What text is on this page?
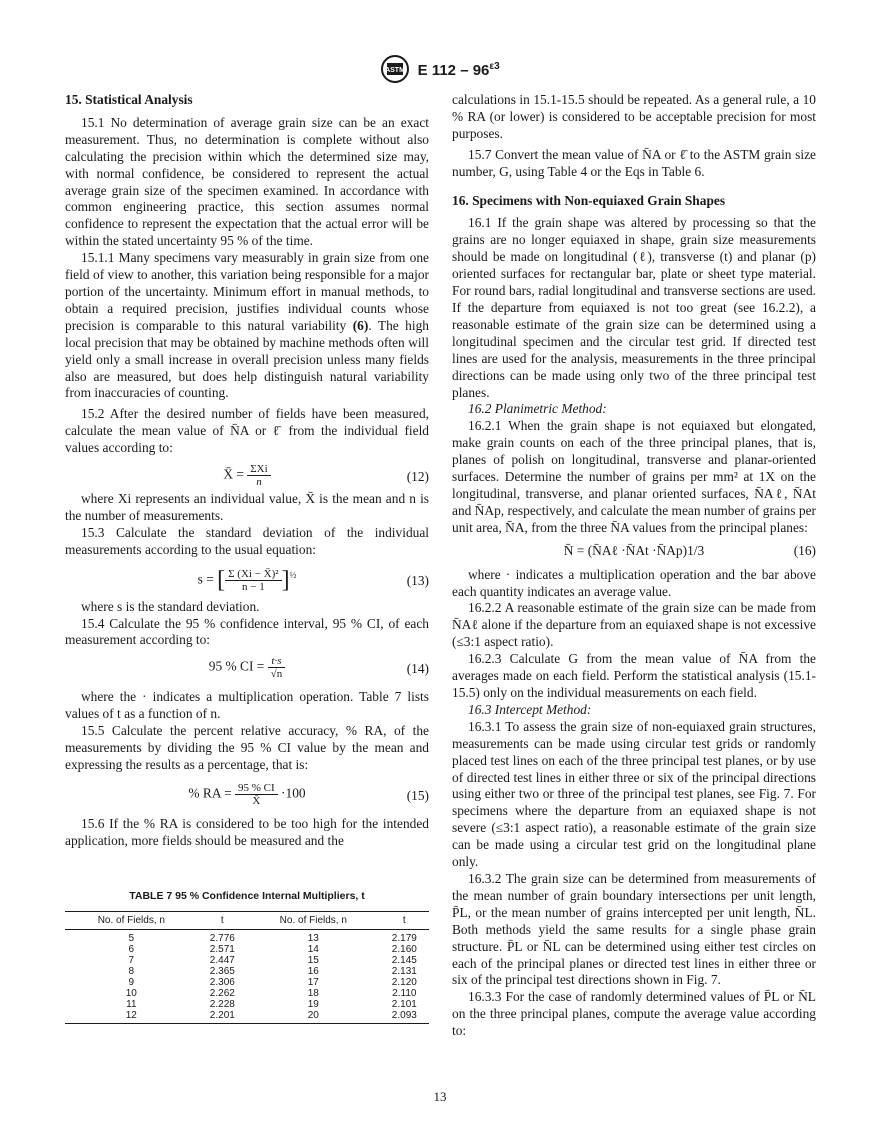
ASTM E $112 - 96^{\varepsilon 3}$
15. Statistical Analysis

15.1 No determination of average grain size can be an exact measurement. Thus, no determination is complete without also calculating the precision within which the determined size may, with normal confidence, be considered to represent the actual average grain size of the specimen examined. In accordance with common engineering practice, this section assumes normal confidence to represent the expectation that the actual error will be within the stated uncertainty 95 % of the time.

15.1.1 Many specimens vary measurably in grain size from one field of view to another, this variation being responsible for a major portion of the uncertainty. Minimum effort in manual methods, to obtain a required precision, justifies individual counts whose precision is comparable to this natural variability (6). The high local precision that may be obtained by machine methods often will yield only a small increase in overall precision unless many fields also are measured, but does help distinguish natural variability from inaccuracies of counting.

15.2 After the desired number of fields have been measured, calculate the mean value of N̄A or ℓ̄ from the individual field values according to:

X̄ = $\frac{\text{ΣXi}}{n}$	(12)

where Xi represents an individual value, X̄ is the mean and n is the number of measurements.

15.3 Calculate the standard deviation of the individual measurements according to the usual equation:

s = [ $\frac{\text{Σ (Xi − X̄)²}}{n - 1} ]^{\frac{1}{2}}$	(13)

where s is the standard deviation.

15.4 Calculate the 95 % confidence interval, 95 % CI, of each measurement according to:

95 % CI = $\frac{t\cdot s}{√n}$	(14)

where the · indicates a multiplication operation. Table 7 lists values of t as a function of n.

15.5 Calculate the percent relative accuracy, % RA, of the measurements by dividing the 95 % CI value by the mean and expressing the results as a percentage, that is:

% RA = $\frac{95 \% CI}{X̄} \cdot 100$	(15)

15.6 If the % RA is considered to be too high for the intended application, more fields should be measured and the

TABLE 7 95 % Confidence Internal Multipliers, t
No. of Fields, n	t	No. of Fields, n	t
5	2.776	13	2.179
6	2.571	14	2.160
7	2.447	15	2.145
8	2.365	16	2.131
9	2.306	17	2.120
10	2.262	18	2.110
11	2.228	19	2.101
12	2.201	20	2.093

calculations in 15.1-15.5 should be repeated. As a general rule, a 10 % RA (or lower) is considered to be acceptable precision for most purposes.

15.7 Convert the mean value of N̄A or ℓ̄ to the ASTM grain size number, G, using Table 4 or the Eqs in Table 6.

16. Specimens with Non-equiaxed Grain Shapes

16.1 If the grain shape was altered by processing so that the grains are no longer equiaxed in shape, grain size measurements should be made on longitudinal (ℓ), transverse (t) and planar (p) oriented surfaces for rectangular bar, plate or sheet type material. For round bars, radial longitudinal and transverse sections are used. If the departure from equiaxed is not too great (see 16.2.2), a reasonable estimate of the grain size can be determined using a longitudinal specimen and the circular test grid. If directed test lines are used for the analysis, measurements in the three principal directions can be made using only two of the three principal test planes.

16.2 Planimetric Method:

16.2.1 When the grain shape is not equiaxed but elongated, make grain counts on each of the three principal planes, that is, planes of polish on longitudinal, transverse and planar-oriented surfaces. Determine the number of grains per mm² at 1X on the longitudinal, transverse, and planar oriented surfaces, N̄Aℓ, N̄At and N̄Ap, respectively, and calculate the mean number of grains per unit area, N̄A, from the three N̄A values from the principal planes:

N̄ = (N̄Aℓ ·N̄At ·N̄Ap)1/3	(16)

where · indicates a multiplication operation and the bar above each quantity indicates an average value.

16.2.2 A reasonable estimate of the grain size can be made from N̄Aℓ alone if the departure from an equiaxed shape is not excessive (≤3:1 aspect ratio).

16.2.3 Calculate G from the mean value of N̄A from the averages made on each field. Perform the statistical analysis (15.1-15.5) only on the individual measurements on each field.

16.3 Intercept Method:

16.3.1 To assess the grain size of non-equiaxed grain structures, measurements can be made using circular test grids or randomly placed test lines on each of the three principal test planes, or by use of directed test lines in either three or six of the principal directions using either two or three of the principal test planes, see Fig. 7. For specimens where the departure from an equiaxed shape is not severe (≤3:1 aspect ratio), a reasonable estimate of the grain size can be made using a circular test grid on the longitudinal plane only.

16.3.2 The grain size can be determined from measurements of the mean number of grain boundary intersections per unit length, P̄L, or the mean number of grains intercepted per unit length, N̄L. Both methods yield the same results for a single phase grain structure. P̄L or N̄L can be determined using either test circles on each of the principal planes or directed test lines in either three or six of the principal test directions shown in Fig. 7.

16.3.3 For the case of randomly determined values of P̄L or N̄L on the three principal planes, compute the average value according to:

13
